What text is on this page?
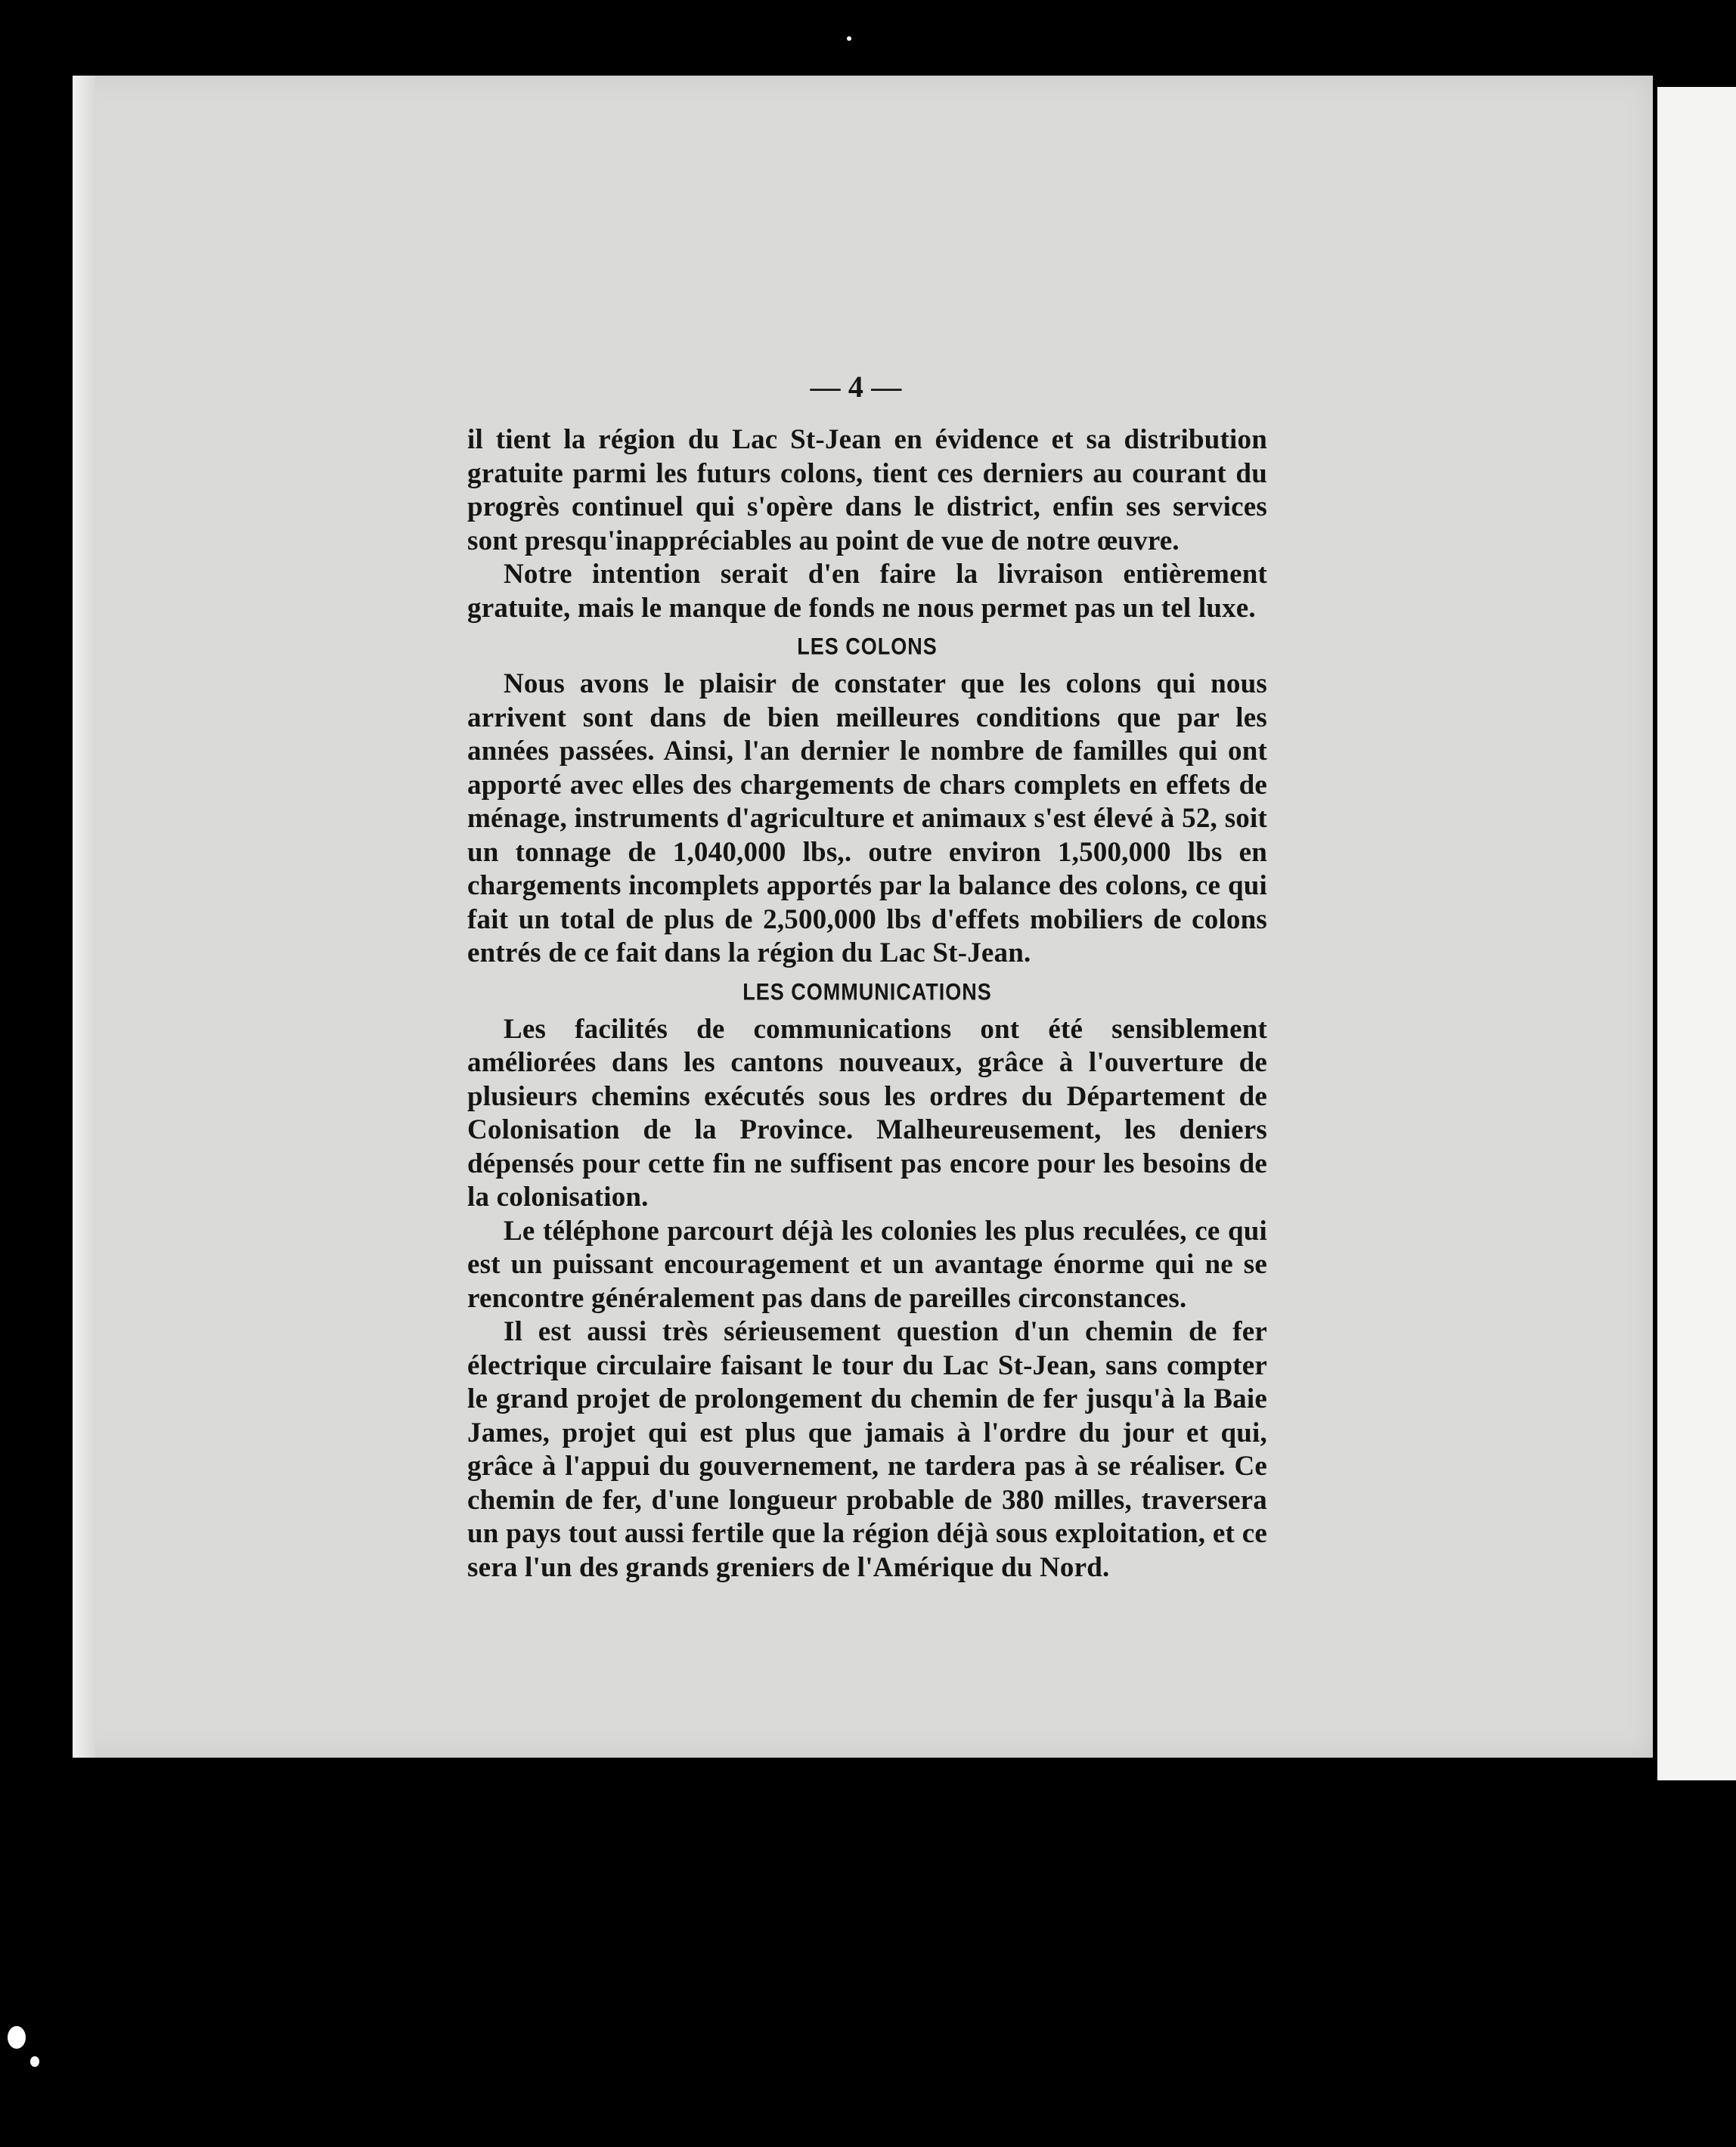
— 4 —

il tient la région du Lac St-Jean en évidence et sa distribution gratuite parmi les futurs colons, tient ces derniers au courant du progrès continuel qui s'opère dans le district, enfin ses services sont presqu'inappréciables au point de vue de notre œuvre.

Notre intention serait d'en faire la livraison entièrement gratuite, mais le manque de fonds ne nous permet pas un tel luxe.

LES COLONS

Nous avons le plaisir de constater que les colons qui nous arrivent sont dans de bien meilleures conditions que par les années passées. Ainsi, l'an dernier le nombre de familles qui ont apporté avec elles des chargements de chars complets en effets de ménage, instruments d'agriculture et animaux s'est élevé à 52, soit un tonnage de 1,040,000 lbs,. outre environ 1,500,000 lbs en chargements incomplets apportés par la balance des colons, ce qui fait un total de plus de 2,500,000 lbs d'effets mobiliers de colons entrés de ce fait dans la région du Lac St-Jean.

LES COMMUNICATIONS

Les facilités de communications ont été sensiblement améliorées dans les cantons nouveaux, grâce à l'ouverture de plusieurs chemins exécutés sous les ordres du Département de Colonisation de la Province. Malheureusement, les deniers dépensés pour cette fin ne suffisent pas encore pour les besoins de la colonisation.

Le téléphone parcourt déjà les colonies les plus reculées, ce qui est un puissant encouragement et un avantage énorme qui ne se rencontre généralement pas dans de pareilles circonstances.

Il est aussi très sérieusement question d'un chemin de fer électrique circulaire faisant le tour du Lac St-Jean, sans compter le grand projet de prolongement du chemin de fer jusqu'à la Baie James, projet qui est plus que jamais à l'ordre du jour et qui, grâce à l'appui du gouvernement, ne tardera pas à se réaliser. Ce chemin de fer, d'une longueur probable de 380 milles, traversera un pays tout aussi fertile que la région déjà sous exploitation, et ce sera l'un des grands greniers de l'Amérique du Nord.
